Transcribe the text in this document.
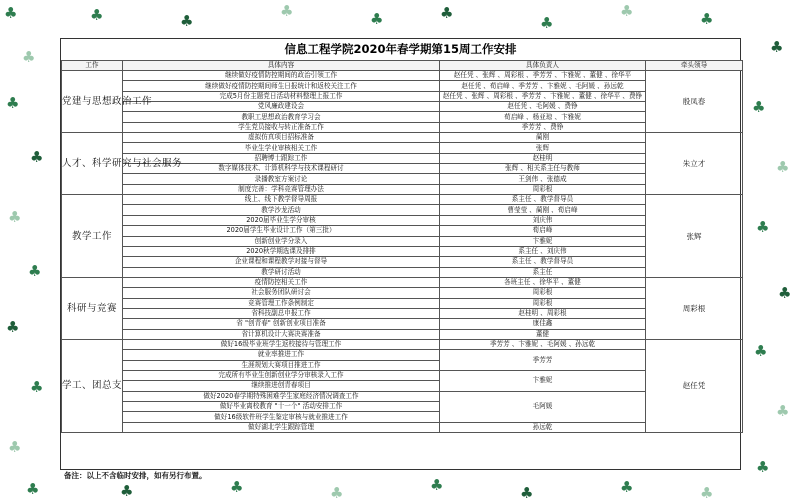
♣
♣
♣
♣
♣
♣
♣
♣
♣
♣
♣	♣
♣	♣	♣
♣
♣	♣
♣
♣
♣
♣
♣
♣
♣
♣
♣	♣	♣	♣	♣	♣	♣
信息工程学院2020年春学期第15周工作安排
工作	具体内容	具体负责人	牵头领导
党建与思想政治工作	继续做好疫情防控期间的政治引领工作	赵任凭 、张辉 、周彩根 、季芳芳 、卞雅妮 、董健 、徐华平	殷凤春
	继续做好疫情防控期间师生日报统计和返校关注工作	赵任凭 、荀启峰 、季芳芳 、卞雅妮 、毛阿媛 、孙远乾	
	完成5月份主题党日活动材料整理上报工作	赵任凭 、张辉 、周彩根 、季芳芳 、卞雅妮 、董健 、徐华平 、费铮	
	党风廉政建设会	赵任凭 、毛阿媛 、费铮	
	教职工思想政治教育学习会	荀启峰 、杨亚琼 、卞雅妮	
	学生党员接收与转正准备工作	季芳芳 、费铮	
人才、科学研究与社会服务	虚拟仿真项目招标准备	蔺刚	朱立才
	毕业生学业审核相关工作	张辉	
	招聘博士跟踪工作	赵桂明	
	数字媒体技术、计算机科学与技术课程研讨	张辉 、相关系主任与教师	
	录播教室方案讨论	王剑伟 、张德成	
	制度完善：学科竞赛管理办法	周彩根	
教学工作	线上、线下教学督导周报	系主任 、教学督导员	张辉
	教学沙龙活动	曹莹莹 、蔺刚 、荀启峰	
	2020届毕业生学分审核	刘庆伟	
	2020届学生毕业设计工作（第三批）	荀启峰	
	创新创业学分录入	卞雅妮	
	2020秋学期选课及排排	系主任 、刘庆伟	
	企业课程和课程教学对接与督导	系主任 、教学督导员	
	教学研讨活动	系主任	
科研与竞赛	疫情防控相关工作	各班主任 、徐华平 、董健	周彩根
	社会服务团队研讨会	周彩根	
	竞赛管理工作条例制定	周彩根	
	省科技副总申报工作	赵桂明 、周彩根	
	省 "创青春" 创新创业项目准备	康佳鑫	
	省计算机设计大赛决赛准备	董健	
学工、团总支	做好16级毕业班学生返校接待与管理工作	季芳芳 、卞雅妮 、毛阿媛 、孙远乾	赵任凭
	就业率推进工作	季芳芳	
	生涯规划大赛项目推进工作		
	完成所有毕业生创新创业学分审核录入工作	卞雅妮	
	继续推进创青春项目		
	做好2020春学期特殊困难学生家庭经济情况调查工作	毛阿媛	
	做好毕业离校教育 "十一个" 活动安排工作		
	做好16级软件班学生鉴定审核与就业推进工作		
	做好湖北学生跟踪管理	孙远乾	
备注：以上不含临时安排，如有另行布置。
